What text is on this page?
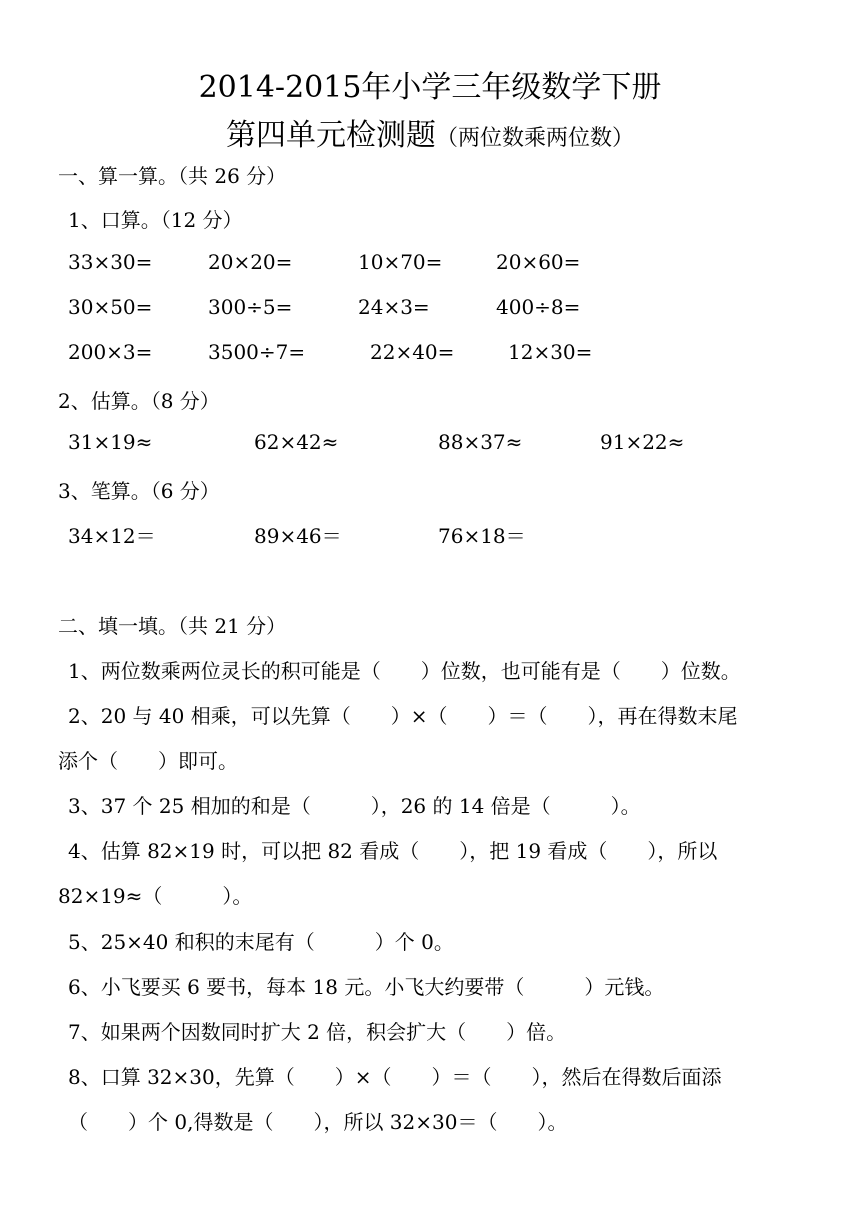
2014-2015年小学三年级数学下册
第四单元检测题（两位数乘两位数）
一、算一算。（共 26 分）
1、口算。（12 分）
33×30=	20×20=	10×70=	20×60=
30×50=	300÷5=	24×3=	400÷8=
200×3=	3500÷7=	22×40=	12×30=
2、估算。（8 分）
31×19≈	62×42≈	88×37≈	91×22≈
3、笔算。（6 分）
34×12＝	89×46＝	76×18＝
二、填一填。（共 21 分）
1、两位数乘两位灵长的积可能是（　　）位数，也可能有是（　　）位数。
2、20 与 40 相乘，可以先算（　　）×（　　）＝（　　），再在得数末尾
添个（　　）即可。
3、37 个 25 相加的和是（　　　），26 的 14 倍是（　　　）。
4、估算 82×19 时，可以把 82 看成（　　），把 19 看成（　　），所以
82×19≈（　　　）。
5、25×40 和积的末尾有（　　　）个 0。
6、小飞要买 6 要书，每本 18 元。小飞大约要带（　　　）元钱。
7、如果两个因数同时扩大 2 倍，积会扩大（　　）倍。
8、口算 32×30，先算（　　）×（　　）＝（　　），然后在得数后面添
（　　）个 0,得数是（　　），所以 32×30＝（　　）。
